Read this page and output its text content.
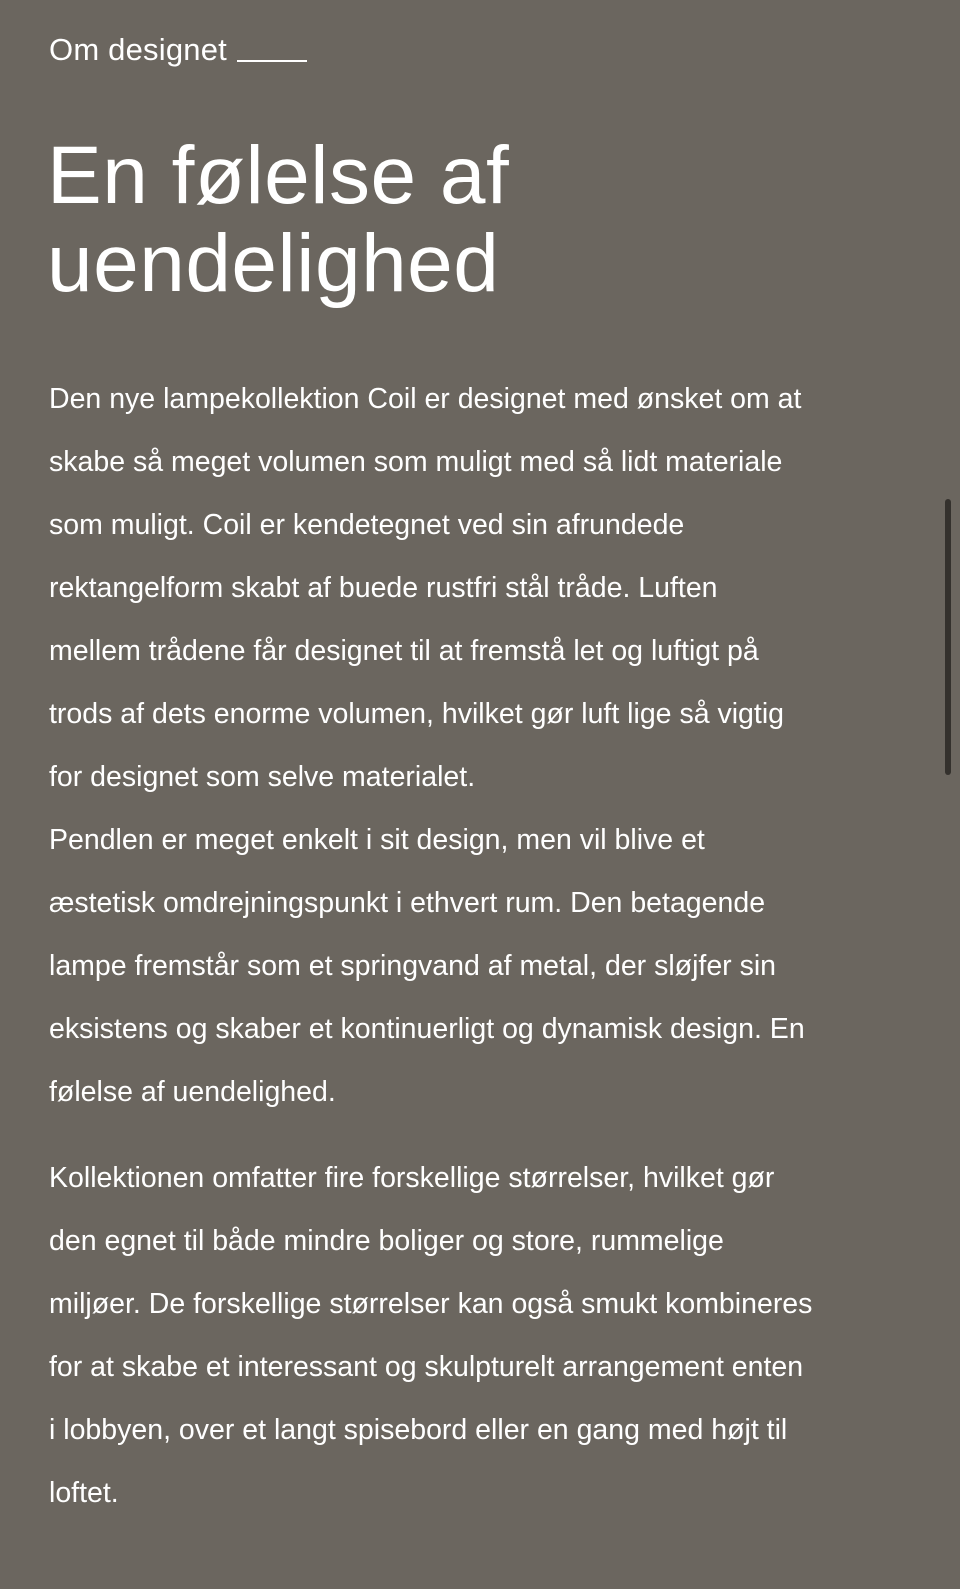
Om designet
En følelse af
uendelighed

Den nye lampekollektion Coil er designet med ønsket om at
skabe så meget volumen som muligt med så lidt materiale
som muligt. Coil er kendetegnet ved sin afrundede
rektangelform skabt af buede rustfri stål tråde. Luften
mellem trådene får designet til at fremstå let og luftigt på
trods af dets enorme volumen, hvilket gør luft lige så vigtig
for designet som selve materialet.
Pendlen er meget enkelt i sit design, men vil blive et
æstetisk omdrejningspunkt i ethvert rum. Den betagende
lampe fremstår som et springvand af metal, der sløjfer sin
eksistens og skaber et kontinuerligt og dynamisk design. En
følelse af uendelighed.

Kollektionen omfatter fire forskellige størrelser, hvilket gør
den egnet til både mindre boliger og store, rummelige
miljøer. De forskellige størrelser kan også smukt kombineres
for at skabe et interessant og skulpturelt arrangement enten
i lobbyen, over et langt spisebord eller en gang med højt til
loftet.
